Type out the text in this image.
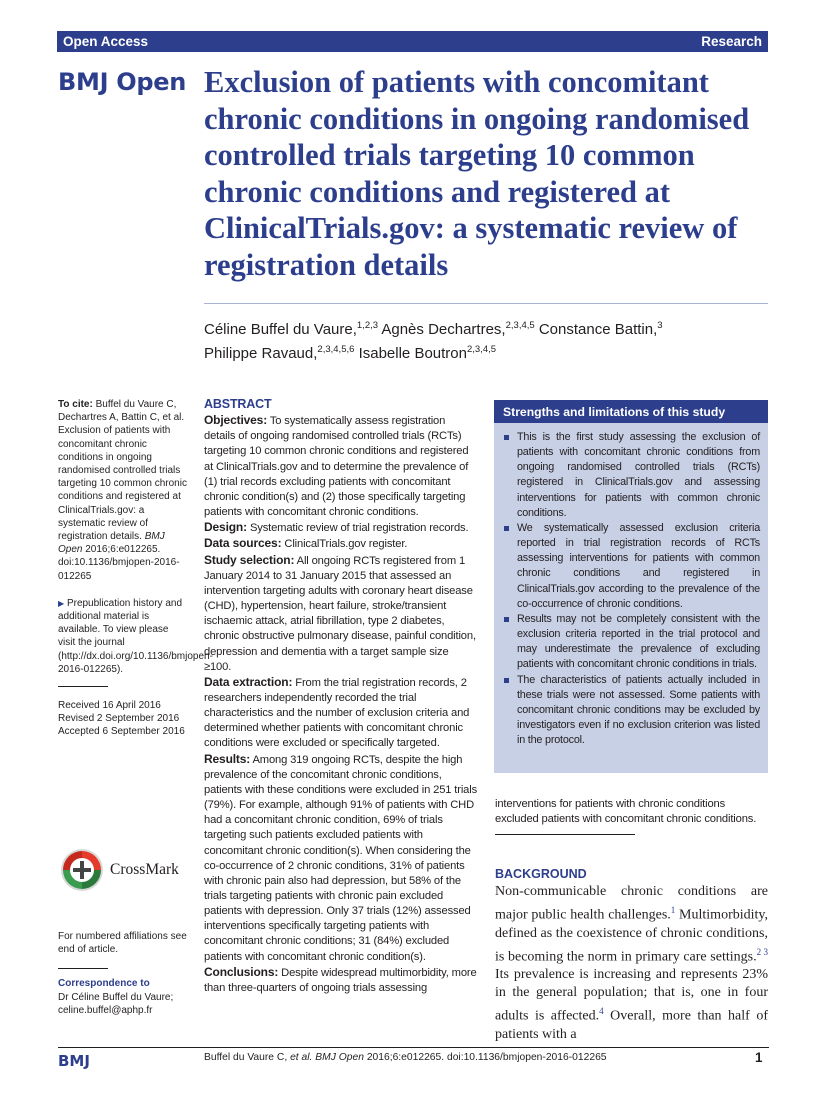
Open Access	Research
BMJ Open Exclusion of patients with concomitant chronic conditions in ongoing randomised controlled trials targeting 10 common chronic conditions and registered at ClinicalTrials.gov: a systematic review of registration details
Céline Buffel du Vaure,$^{1,2,3}$ Agnès Dechartres,$^{2,3,4,5}$ Constance Battin,$^3$
Philippe Ravaud,$^{2,3,4,5,6}$ Isabelle Boutron$^{2,3,4,5}$

To cite: Buffel du Vaure C, Dechartres A, Battin C, et al. Exclusion of patients with concomitant chronic conditions in ongoing randomised controlled trials targeting 10 common chronic conditions and registered at ClinicalTrials.gov: a systematic review of registration details. BMJ Open 2016;6:e012265. doi:10.1136/bmjopen-2016-012265

▶ Prepublication history and additional material is available. To view please visit the journal (http://dx.doi.org/10.1136/bmjopen-2016-012265).

Received 16 April 2016
Revised 2 September 2016
Accepted 6 September 2016

CrossMark

For numbered affiliations see end of article.

Correspondence to
Dr Céline Buffel du Vaure;
celine.buffel@aphp.fr

ABSTRACT

Objectives: To systematically assess registration details of ongoing randomised controlled trials (RCTs) targeting 10 common chronic conditions and registered at ClinicalTrials.gov and to determine the prevalence of (1) trial records excluding patients with concomitant chronic condition(s) and (2) those specifically targeting patients with concomitant chronic conditions.

Design: Systematic review of trial registration records.

Data sources: ClinicalTrials.gov register.

Study selection: All ongoing RCTs registered from 1 January 2014 to 31 January 2015 that assessed an intervention targeting adults with coronary heart disease (CHD), hypertension, heart failure, stroke/transient ischaemic attack, atrial fibrillation, type 2 diabetes, chronic obstructive pulmonary disease, painful condition, depression and dementia with a target sample size ≥100.

Data extraction: From the trial registration records, 2 researchers independently recorded the trial characteristics and the number of exclusion criteria and determined whether patients with concomitant chronic conditions were excluded or specifically targeted.

Results: Among 319 ongoing RCTs, despite the high prevalence of the concomitant chronic conditions, patients with these conditions were excluded in 251 trials (79%). For example, although 91% of patients with CHD had a concomitant chronic condition, 69% of trials targeting such patients excluded patients with concomitant chronic condition(s). When considering the co-occurrence of 2 chronic conditions, 31% of patients with chronic pain also had depression, but 58% of the trials targeting patients with chronic pain excluded patients with depression. Only 37 trials (12%) assessed interventions specifically targeting patients with concomitant chronic conditions; 31 (84%) excluded patients with concomitant chronic condition(s).

Conclusions: Despite widespread multimorbidity, more than three-quarters of ongoing trials assessing

Strengths and limitations of this study
This is the first study assessing the exclusion of patients with concomitant chronic conditions from ongoing randomised controlled trials (RCTs) registered in ClinicalTrials.gov and assessing interventions for patients with common chronic conditions.
We systematically assessed exclusion criteria reported in trial registration records of RCTs assessing interventions for patients with common chronic conditions and registered in ClinicalTrials.gov according to the prevalence of the co-occurrence of chronic conditions.
Results may not be completely consistent with the exclusion criteria reported in the trial protocol and may underestimate the prevalence of excluding patients with concomitant chronic conditions in trials.
The characteristics of patients actually included in these trials were not assessed. Some patients with concomitant chronic conditions may be excluded by investigators even if no exclusion criterion was listed in the protocol.
interventions for patients with chronic conditions excluded patients with concomitant chronic conditions.
BACKGROUND

Non-communicable chronic conditions are major public health challenges.$^1$ Multimorbidity, defined as the coexistence of chronic conditions, is becoming the norm in primary care settings.$^{2 3}$ Its prevalence is increasing and represents 23% in the general population; that is, one in four adults is affected.$^4$ Overall, more than half of patients with a

BMJ	Buffel du Vaure C, et al. BMJ Open 2016;6:e012265. doi:10.1136/bmjopen-2016-012265	1
